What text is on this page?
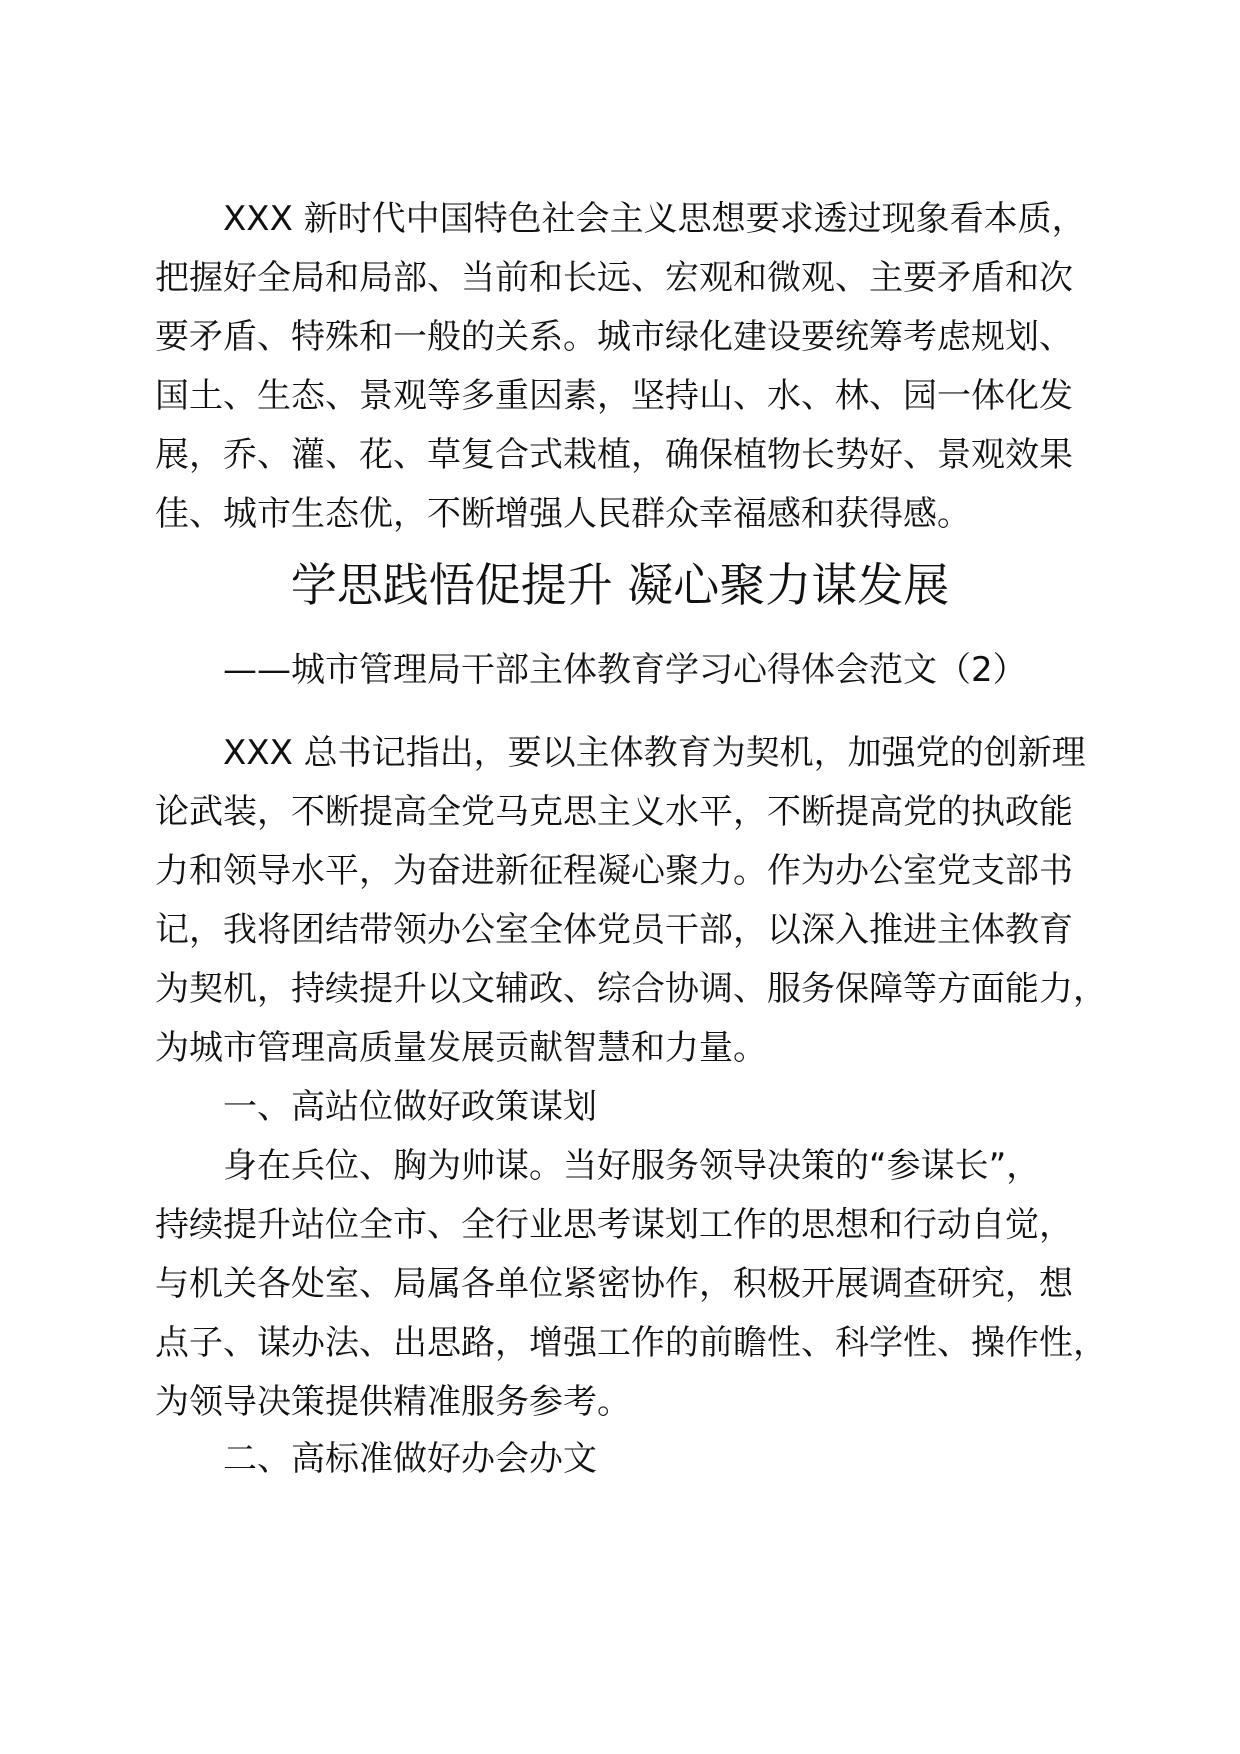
XXX 新时代中国特色社会主义思想要求透过现象看本质，
把握好全局和局部、当前和长远、宏观和微观、主要矛盾和次
要矛盾、特殊和一般的关系。城市绿化建设要统筹考虑规划、
国土、生态、景观等多重因素，坚持山、水、林、园一体化发
展，乔、灌、花、草复合式栽植，确保植物长势好、景观效果
佳、城市生态优，不断增强人民群众幸福感和获得感。
学思践悟促提升 凝心聚力谋发展

——城市管理局干部主体教育学习心得体会范文（2）

XXX 总书记指出，要以主体教育为契机，加强党的创新理
论武装，不断提高全党马克思主义水平，不断提高党的执政能
力和领导水平，为奋进新征程凝心聚力。作为办公室党支部书
记，我将团结带领办公室全体党员干部，以深入推进主体教育
为契机，持续提升以文辅政、综合协调、服务保障等方面能力，
为城市管理高质量发展贡献智慧和力量。
一、高站位做好政策谋划
身在兵位、胸为帅谋。当好服务领导决策的“参谋长”，
持续提升站位全市、全行业思考谋划工作的思想和行动自觉，
与机关各处室、局属各单位紧密协作，积极开展调查研究，想
点子、谋办法、出思路，增强工作的前瞻性、科学性、操作性，
为领导决策提供精准服务参考。
二、高标准做好办会办文
